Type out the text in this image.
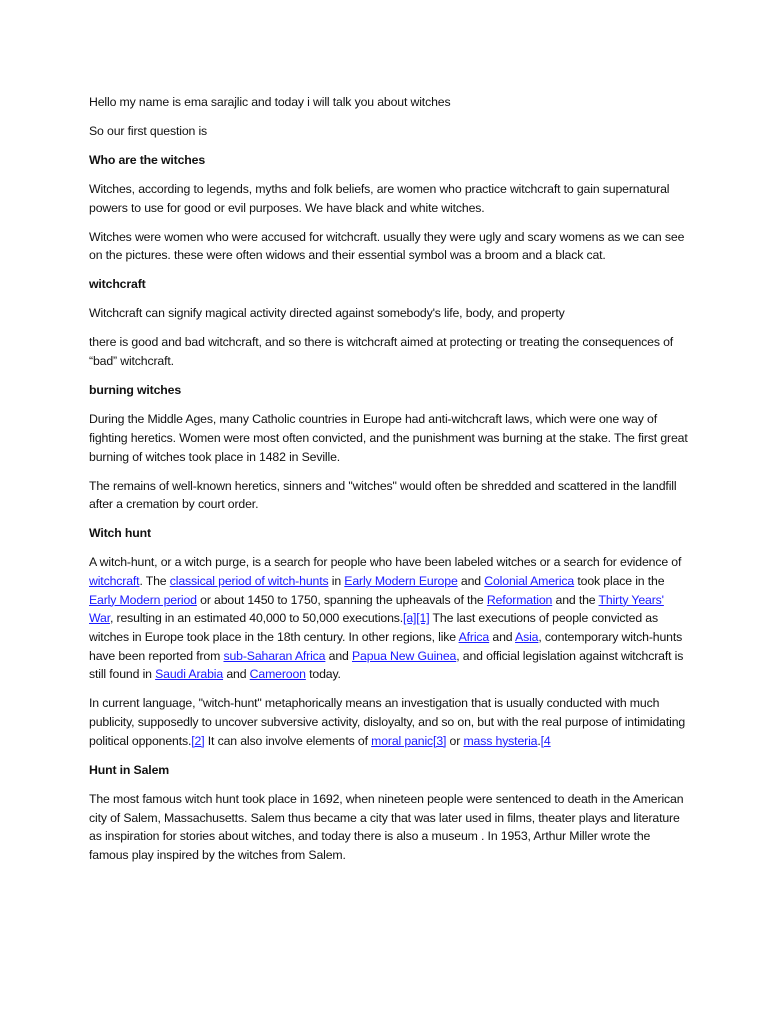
Hello my name is ema sarajlic and today i will talk you about witches

So our first question is

Who are the witches

Witches, according to legends, myths and folk beliefs, are women who practice witchcraft to gain supernatural powers to use for good or evil purposes. We have black and white witches.

Witches were women who were accused for witchcraft. usually they were ugly and scary womens as we can see on the pictures. these were often widows and their essential symbol was a broom and a black cat.

witchcraft

Witchcraft can signify magical activity directed against somebody's life, body, and property

there is good and bad witchcraft, and so there is witchcraft aimed at protecting or treating the consequences of “bad” witchcraft.

burning witches

During the Middle Ages, many Catholic countries in Europe had anti-witchcraft laws, which were one way of fighting heretics. Women were most often convicted, and the punishment was burning at the stake. The first great burning of witches took place in 1482 in Seville.

The remains of well-known heretics, sinners and "witches" would often be shredded and scattered in the landfill after a cremation by court order.

Witch hunt

A witch-hunt, or a witch purge, is a search for people who have been labeled witches or a search for evidence of witchcraft. The classical period of witch-hunts in Early Modern Europe and Colonial America took place in the Early Modern period or about 1450 to 1750, spanning the upheavals of the Reformation and the Thirty Years' War, resulting in an estimated 40,000 to 50,000 executions.[a][1] The last executions of people convicted as witches in Europe took place in the 18th century. In other regions, like Africa and Asia, contemporary witch-hunts have been reported from sub-Saharan Africa and Papua New Guinea, and official legislation against witchcraft is still found in Saudi Arabia and Cameroon today.

In current language, "witch-hunt" metaphorically means an investigation that is usually conducted with much publicity, supposedly to uncover subversive activity, disloyalty, and so on, but with the real purpose of intimidating political opponents.[2] It can also involve elements of moral panic[3] or mass hysteria.[4

Hunt in Salem

The most famous witch hunt took place in 1692, when nineteen people were sentenced to death in the American city of Salem, Massachusetts. Salem thus became a city that was later used in films, theater plays and literature as inspiration for stories about witches, and today there is also a museum . In 1953, Arthur Miller wrote the famous play inspired by the witches from Salem.
